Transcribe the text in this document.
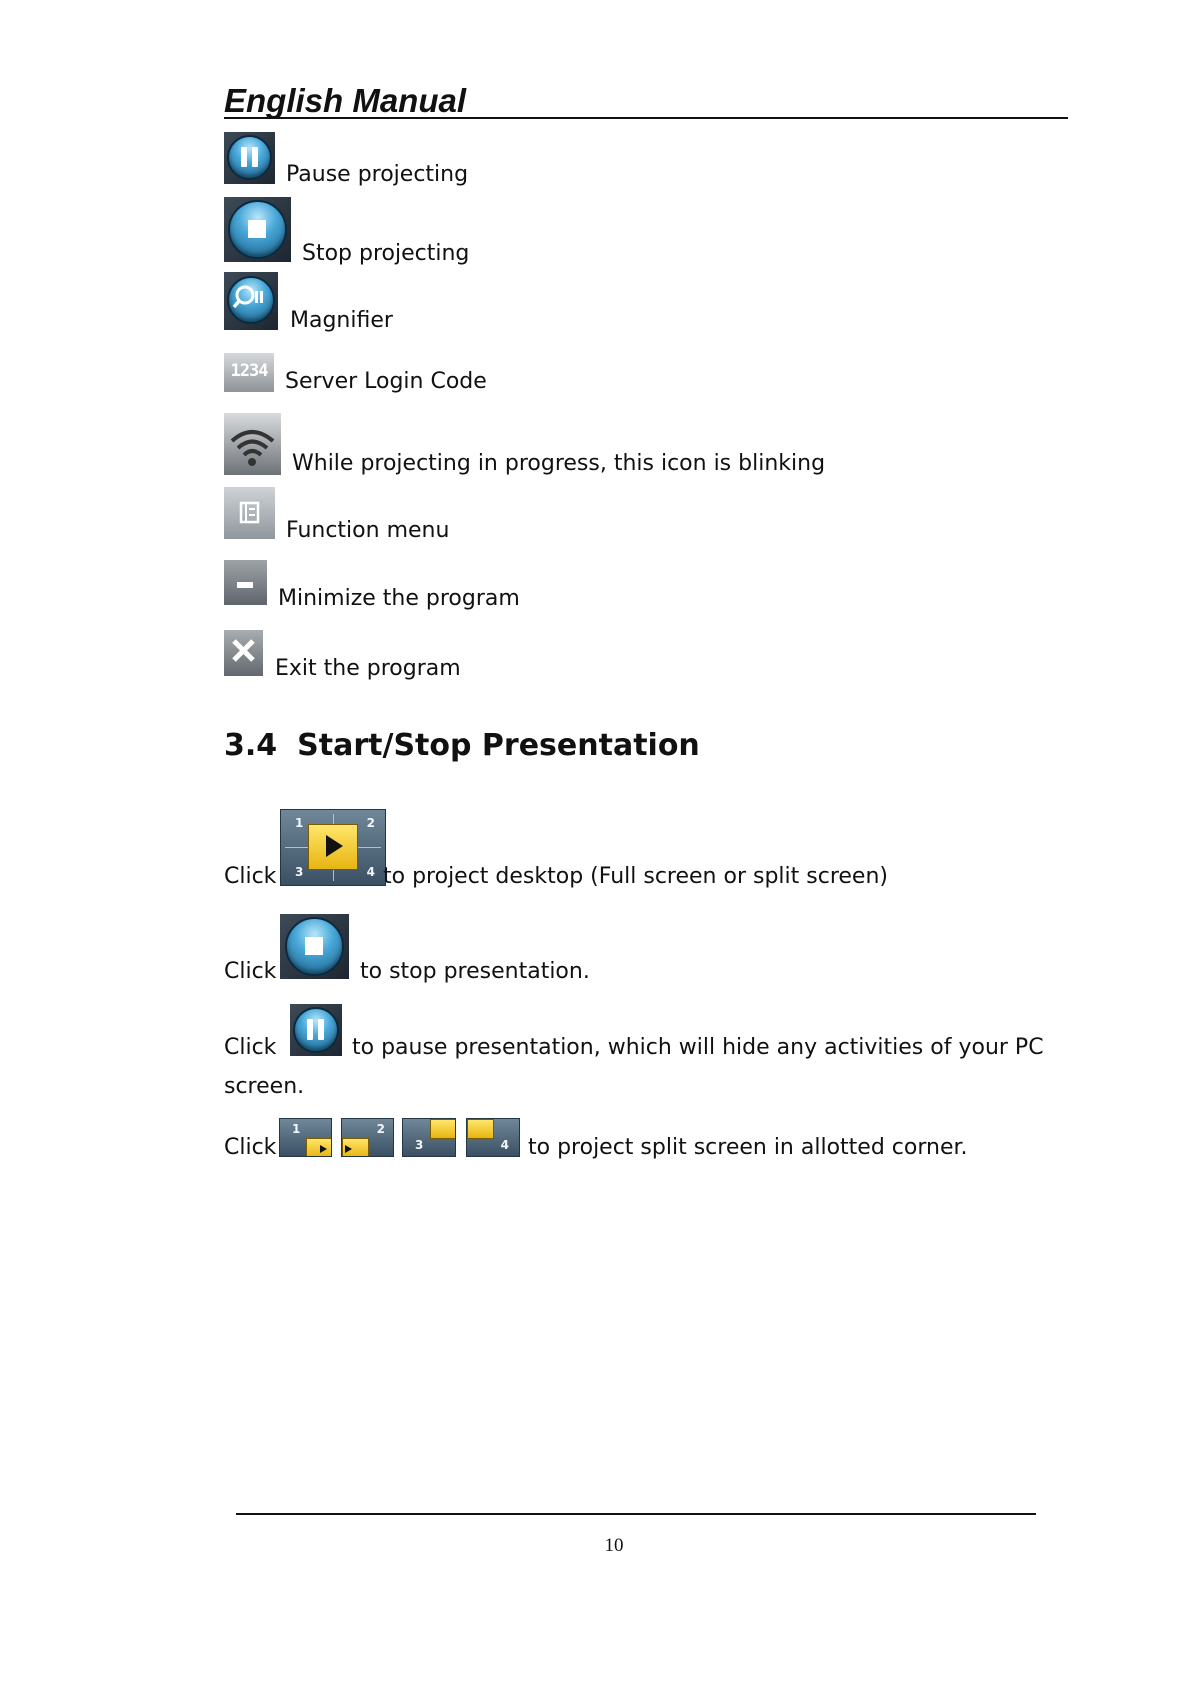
English Manual
Pause projecting
Stop projecting
Magnifier
1234 Server Login Code
While projecting in progress, this icon is blinking
Function menu
Minimize the program
Exit the program
3.4 Start/Stop Presentation
Click
1	2
3	4 to project desktop (Full screen or split screen)
Click	to stop presentation.
Click	to pause presentation, which will hide any activities of your PC
screen.
Click
1	2
3	4 to project split screen in allotted corner.
10
